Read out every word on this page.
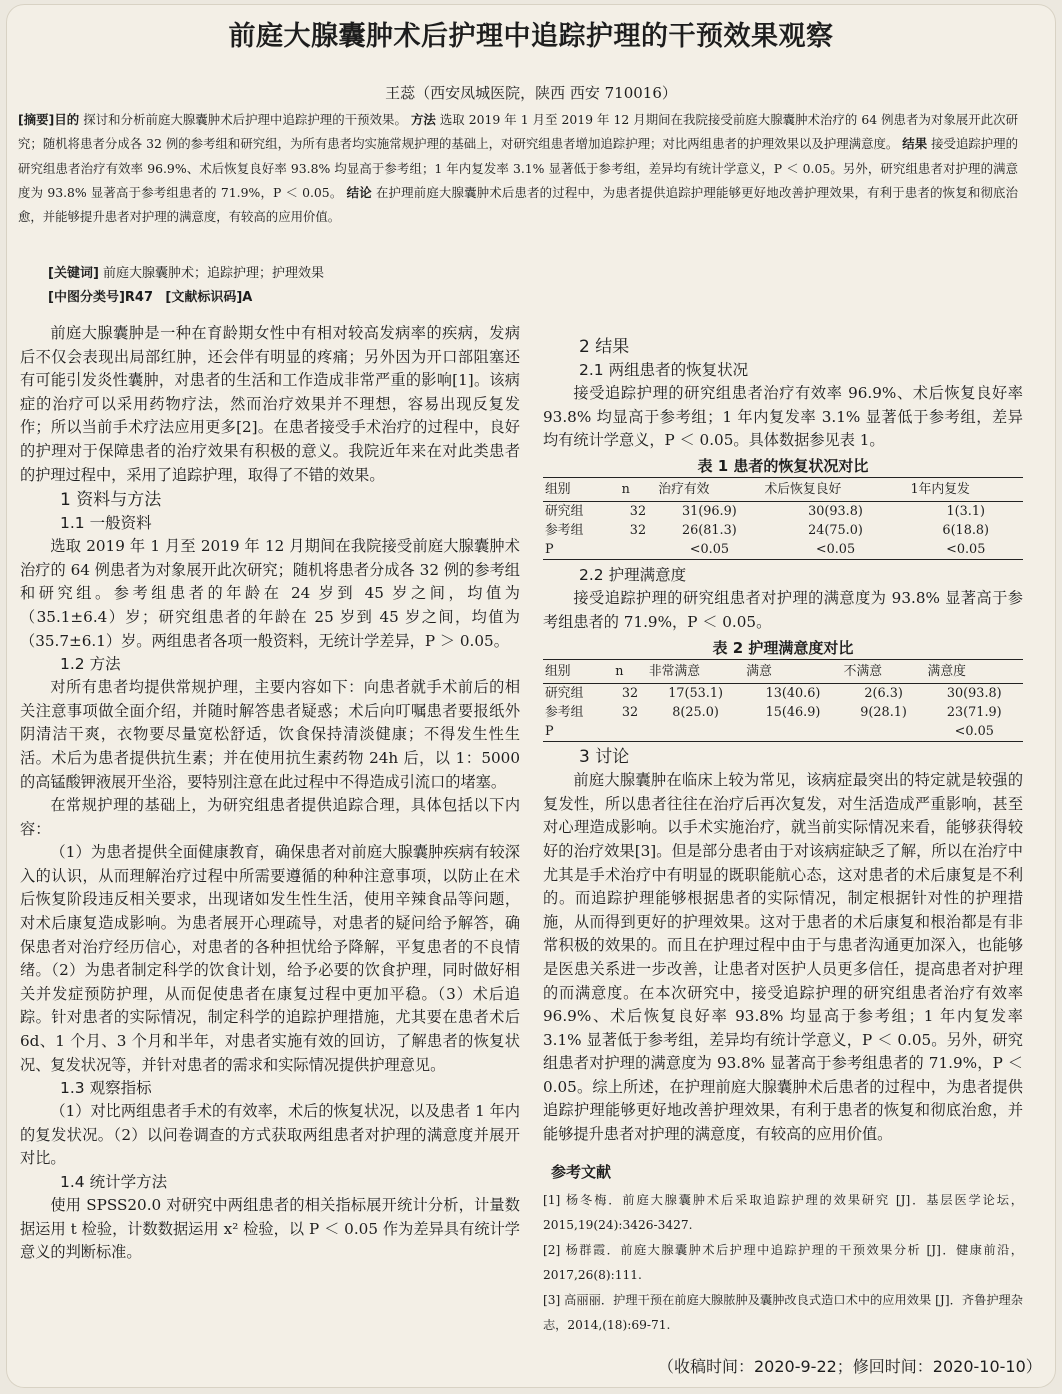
前庭大腺囊肿术后护理中追踪护理的干预效果观察
王蕊（西安凤城医院，陕西 西安 710016）
[摘要]目的 探讨和分析前庭大腺囊肿术后护理中追踪护理的干预效果。 方法 选取 2019 年 1 月至 2019 年 12 月期间在我院接受前庭大腺囊肿术治疗的 64 例患者为对象展开此次研究；随机将患者分成各 32 例的参考组和研究组，为所有患者均实施常规护理的基础上，对研究组患者增加追踪护理；对比两组患者的护理效果以及护理满意度。 结果 接受追踪护理的研究组患者治疗有效率 96.9%、术后恢复良好率 93.8% 均显高于参考组；1 年内复发率 3.1% 显著低于参考组，差异均有统计学意义，P ＜ 0.05。另外，研究组患者对护理的满意度为 93.8% 显著高于参考组患者的 71.9%，P ＜ 0.05。 结论 在护理前庭大腺囊肿术后患者的过程中，为患者提供追踪护理能够更好地改善护理效果，有利于患者的恢复和彻底治愈，并能够提升患者对护理的满意度，有较高的应用价值。
[关键词] 前庭大腺囊肿术；追踪护理；护理效果
[中图分类号]R47 [文献标识码]A

前庭大腺囊肿是一种在育龄期女性中有相对较高发病率的疾病，发病后不仅会表现出局部红肿，还会伴有明显的疼痛；另外因为开口部阻塞还有可能引发炎性囊肿，对患者的生活和工作造成非常严重的影响[1]。该病症的治疗可以采用药物疗法，然而治疗效果并不理想，容易出现反复发作；所以当前手术疗法应用更多[2]。在患者接受手术治疗的过程中，良好的护理对于保障患者的治疗效果有积极的意义。我院近年来在对此类患者的护理过程中，采用了追踪护理，取得了不错的效果。

1 资料与方法
1.1 一般资料

选取 2019 年 1 月至 2019 年 12 月期间在我院接受前庭大腺囊肿术治疗的 64 例患者为对象展开此次研究；随机将患者分成各 32 例的参考组和研究组。参考组患者的年龄在 24 岁到 45 岁之间，均值为（35.1±6.4）岁；研究组患者的年龄在 25 岁到 45 岁之间，均值为（35.7±6.1）岁。两组患者各项一般资料，无统计学差异，P ＞ 0.05。

1.2 方法

对所有患者均提供常规护理，主要内容如下：向患者就手术前后的相关注意事项做全面介绍，并随时解答患者疑惑；术后向叮嘱患者要报纸外阴清洁干爽，衣物要尽量宽松舒适，饮食保持清淡健康；不得发生性生活。术后为患者提供抗生素；并在使用抗生素药物 24h 后，以 1：5000 的高锰酸钾液展开坐浴，要特别注意在此过程中不得造成引流口的堵塞。

在常规护理的基础上，为研究组患者提供追踪合理，具体包括以下内容：

（1）为患者提供全面健康教育，确保患者对前庭大腺囊肿疾病有较深入的认识，从而理解治疗过程中所需要遵循的种种注意事项，以防止在术后恢复阶段违反相关要求，出现诸如发生性生活，使用辛辣食品等问题，对术后康复造成影响。为患者展开心理疏导，对患者的疑问给予解答，确保患者对治疗经历信心，对患者的各种担忧给予降解，平复患者的不良情绪。（2）为患者制定科学的饮食计划，给予必要的饮食护理，同时做好相关并发症预防护理，从而促使患者在康复过程中更加平稳。（3）术后追踪。针对患者的实际情况，制定科学的追踪护理措施，尤其要在患者术后 6d、1 个月、3 个月和半年，对患者实施有效的回访，了解患者的恢复状况、复发状况等，并针对患者的需求和实际情况提供护理意见。

1.3 观察指标

（1）对比两组患者手术的有效率，术后的恢复状况，以及患者 1 年内的复发状况。（2）以问卷调查的方式获取两组患者对护理的满意度并展开对比。

1.4 统计学方法

使用 SPSS20.0 对研究中两组患者的相关指标展开统计分析，计量数据运用 t 检验，计数数据运用 x² 检验，以 P ＜ 0.05 作为差异具有统计学意义的判断标准。

2 结果
2.1 两组患者的恢复状况

接受追踪护理的研究组患者治疗有效率 96.9%、术后恢复良好率 93.8% 均显高于参考组；1 年内复发率 3.1% 显著低于参考组，差异均有统计学意义，P ＜ 0.05。具体数据参见表 1。

表 1 患者的恢复状况对比
组别	n	治疗有效	术后恢复良好	1年内复发
研究组	32	31(96.9)	30(93.8)	1(3.1)
参考组	32	26(81.3)	24(75.0)	6(18.8)
P		<0.05	<0.05	<0.05
2.2 护理满意度

接受追踪护理的研究组患者对护理的满意度为 93.8% 显著高于参考组患者的 71.9%，P ＜ 0.05。

表 2 护理满意度对比
组别	n	非常满意	满意	不满意	满意度
研究组	32	17(53.1)	13(40.6)	2(6.3)	30(93.8)
参考组	32	8(25.0)	15(46.9)	9(28.1)	23(71.9)
P					<0.05
3 讨论

前庭大腺囊肿在临床上较为常见，该病症最突出的特定就是较强的复发性，所以患者往往在治疗后再次复发，对生活造成严重影响，甚至对心理造成影响。以手术实施治疗，就当前实际情况来看，能够获得较好的治疗效果[3]。但是部分患者由于对该病症缺乏了解，所以在治疗中尤其是手术治疗中有明显的既职能航心态，这对患者的术后康复是不利的。而追踪护理能够根据患者的实际情况，制定根据针对性的护理措施，从而得到更好的护理效果。这对于患者的术后康复和根治都是有非常积极的效果的。而且在护理过程中由于与患者沟通更加深入，也能够是医患关系进一步改善，让患者对医护人员更多信任，提高患者对护理的而满意度。在本次研究中，接受追踪护理的研究组患者治疗有效率 96.9%、术后恢复良好率 93.8% 均显高于参考组；1 年内复发率 3.1% 显著低于参考组，差异均有统计学意义，P ＜ 0.05。另外，研究组患者对护理的满意度为 93.8% 显著高于参考组患者的 71.9%，P ＜ 0.05。综上所述，在护理前庭大腺囊肿术后患者的过程中，为患者提供追踪护理能够更好地改善护理效果，有利于患者的恢复和彻底治愈，并能够提升患者对护理的满意度，有较高的应用价值。

参考文献
[1] 杨冬梅．前庭大腺囊肿术后采取追踪护理的效果研究 [J]．基层医学论坛，2015,19(24):3426-3427.
[2] 杨群霞．前庭大腺囊肿术后护理中追踪护理的干预效果分析 [J]．健康前沿，2017,26(8):111.
[3] 高丽丽．护理干预在前庭大腺脓肿及囊肿改良式造口术中的应用效果 [J]．齐鲁护理杂志，2014,(18):69-71.
（收稿时间：2020-9-22；修回时间：2020-10-10）
